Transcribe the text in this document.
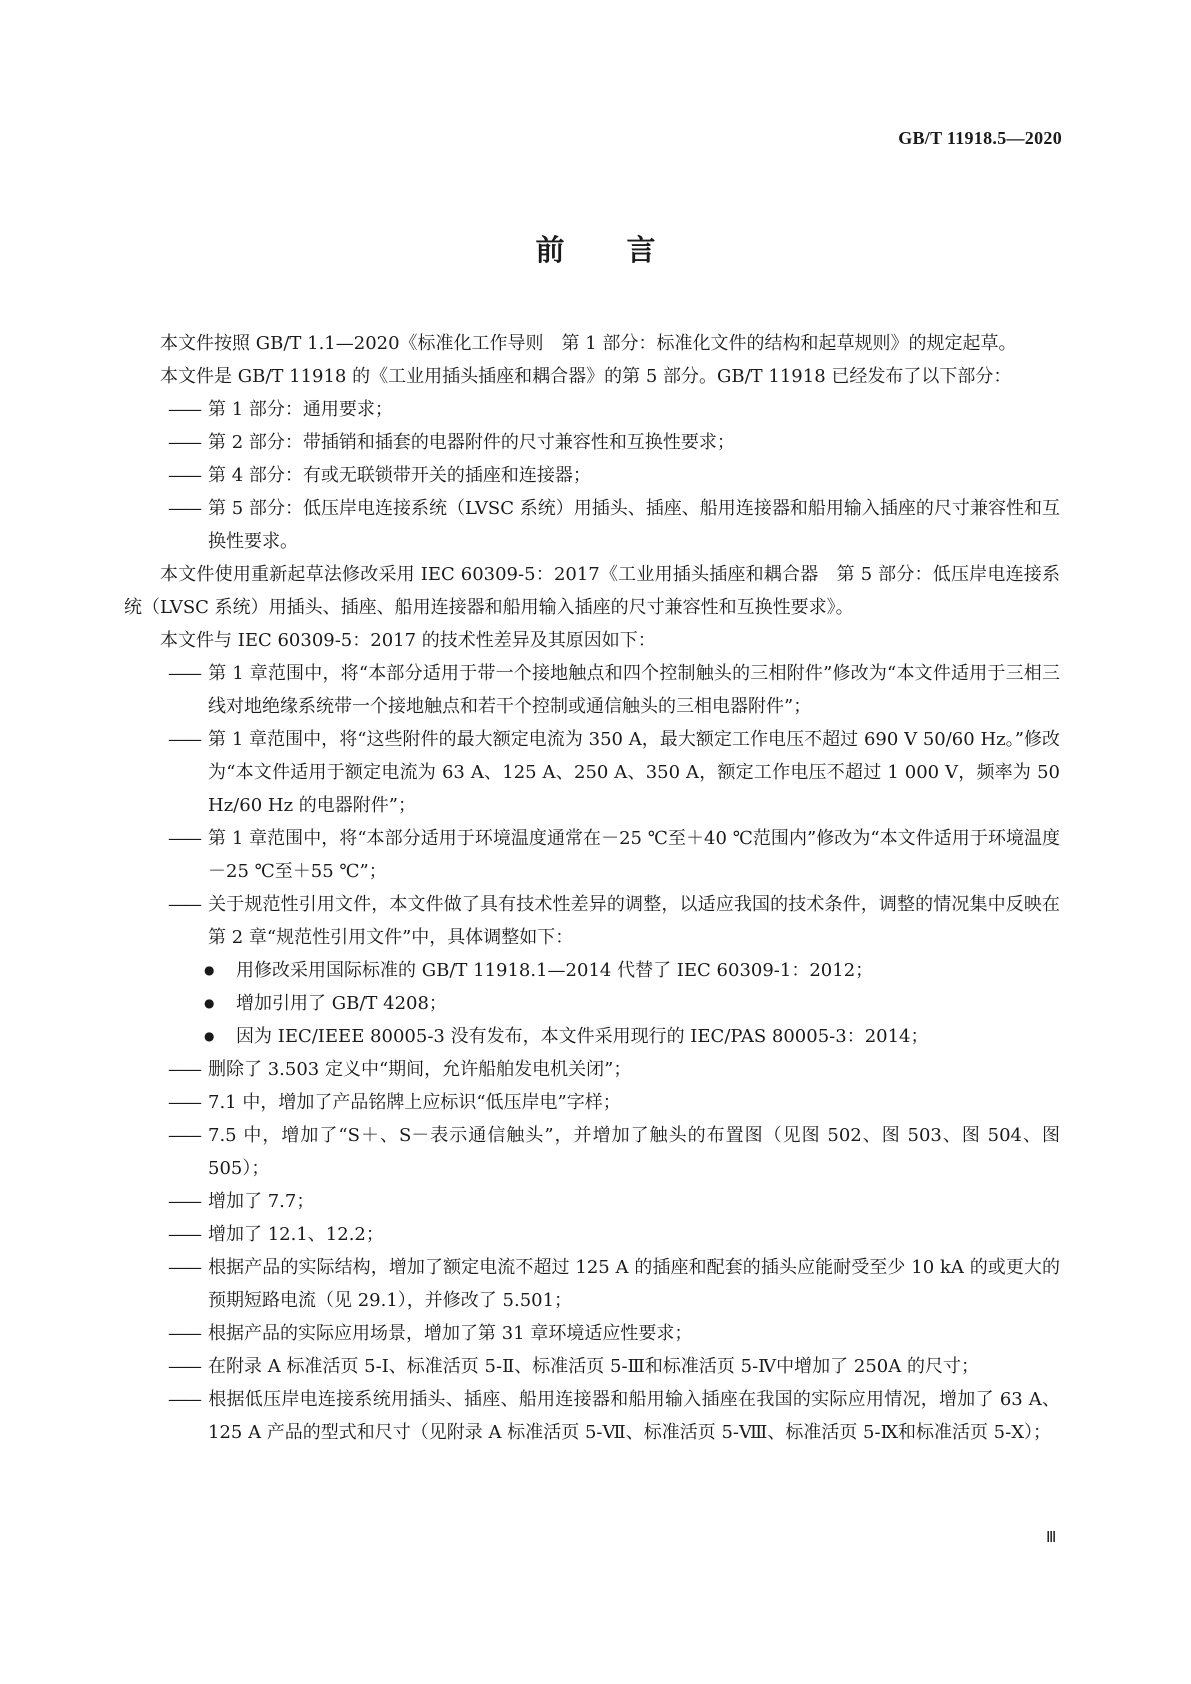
GB/T 11918.5—2020
前 言

本文件按照 GB/T 1.1—2020《标准化工作导则　第 1 部分：标准化文件的结构和起草规则》的规定起草。

本文件是 GB/T 11918 的《工业用插头插座和耦合器》的第 5 部分。GB/T 11918 已经发布了以下部分：

—— 第 1 部分：通用要求；

—— 第 2 部分：带插销和插套的电器附件的尺寸兼容性和互换性要求；

—— 第 4 部分：有或无联锁带开关的插座和连接器；

—— 第 5 部分：低压岸电连接系统（LVSC 系统）用插头、插座、船用连接器和船用输入插座的尺寸兼容性和互换性要求。

本文件使用重新起草法修改采用 IEC 60309-5：2017《工业用插头插座和耦合器　第 5 部分：低压岸电连接系统（LVSC 系统）用插头、插座、船用连接器和船用输入插座的尺寸兼容性和互换性要求》。

本文件与 IEC 60309-5：2017 的技术性差异及其原因如下：

—— 第 1 章范围中，将“本部分适用于带一个接地触点和四个控制触头的三相附件”修改为“本文件适用于三相三线对地绝缘系统带一个接地触点和若干个控制或通信触头的三相电器附件”；

—— 第 1 章范围中，将“这些附件的最大额定电流为 350 A，最大额定工作电压不超过 690 V 50/60 Hz。”修改为“本文件适用于额定电流为 63 A、125 A、250 A、350 A，额定工作电压不超过 1 000 V，频率为 50 Hz/60 Hz 的电器附件”；

—— 第 1 章范围中，将“本部分适用于环境温度通常在－25 ℃至＋40 ℃范围内”修改为“本文件适用于环境温度－25 ℃至＋55 ℃”；

—— 关于规范性引用文件，本文件做了具有技术性差异的调整，以适应我国的技术条件，调整的情况集中反映在第 2 章“规范性引用文件”中，具体调整如下：

● 用修改采用国际标准的 GB/T 11918.1—2014 代替了 IEC 60309-1：2012；

● 增加引用了 GB/T 4208；

● 因为 IEC/IEEE 80005-3 没有发布，本文件采用现行的 IEC/PAS 80005-3：2014；

—— 删除了 3.503 定义中“期间，允许船舶发电机关闭”；

—— 7.1 中，增加了产品铭牌上应标识“低压岸电”字样；

—— 7.5 中，增加了“S＋、S－表示通信触头”，并增加了触头的布置图（见图 502、图 503、图 504、图 505）；

—— 增加了 7.7；

—— 增加了 12.1、12.2；

—— 根据产品的实际结构，增加了额定电流不超过 125 A 的插座和配套的插头应能耐受至少 10 kA 的或更大的预期短路电流（见 29.1），并修改了 5.501；

—— 根据产品的实际应用场景，增加了第 31 章环境适应性要求；

—— 在附录 A 标准活页 5-Ⅰ、标准活页 5-Ⅱ、标准活页 5-Ⅲ和标准活页 5-Ⅳ中增加了 250A 的尺寸；

—— 根据低压岸电连接系统用插头、插座、船用连接器和船用输入插座在我国的实际应用情况，增加了 63 A、125 A 产品的型式和尺寸（见附录 A 标准活页 5-Ⅶ、标准活页 5-Ⅷ、标准活页 5-Ⅸ和标准活页 5-Ⅹ）；

Ⅲ
